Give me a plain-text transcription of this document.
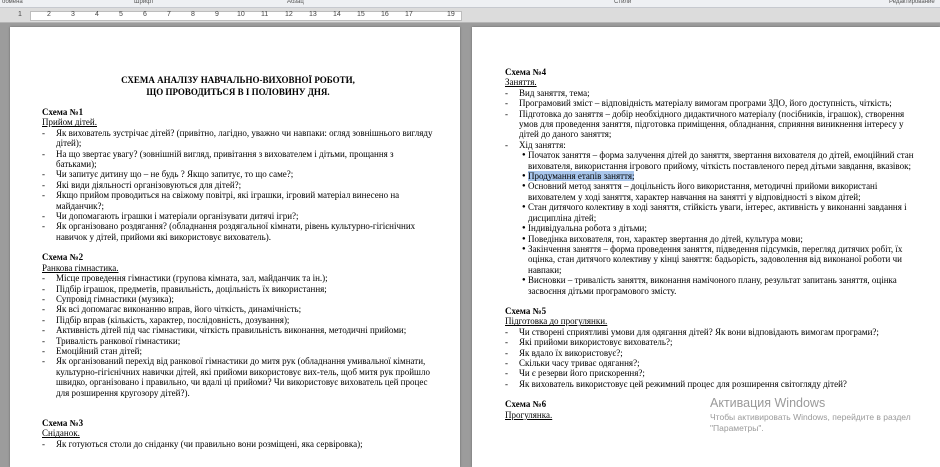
обмена	Шрифт	Абзац	Стили	Редактирование
1	2	3	4	5	6	7	8	9	10 11 12 13 14 15 16 17	19
СХЕМА АНАЛІЗУ НАВЧАЛЬНО-ВИХОВНОЇ РОБОТИ,
ЩО ПРОВОДИТЬСЯ В І ПОЛОВИНУ ДНЯ.
Схема №1
Прийом дітей.
- Як вихователь зустрічає дітей? (привітно, лагідно, уважно чи навпаки: огляд зовнішнього вигляду дітей);
- На що звертає увагу? (зовнішній вигляд, привітання з вихователем і дітьми, прощання з батьками);
- Чи запитує дитину що – не будь ? Якщо запитує, то що саме?;
- Які види діяльності організовуються для дітей?;
- Якщо прийом проводиться на свіжому повітрі, які іграшки, ігровий матеріал винесено на майданчик?;
- Чи допомагають іграшки і матеріали організувати дитячі ігри?;
- Як організовано роздягання? (обладнання роздягальної кімнати, рівень культурно-гігієнічних навичок у дітей, прийоми які використовує вихователь).
Схема №2
Ранкова гімнастика.
- Місце проведення гімнастики (групова кімната, зал, майданчик та ін.);
- Підбір іграшок, предметів, правильність, доцільність їх використання;
- Супровід гімнастики (музика);
- Як всі допомагає виконанню вправ, його чіткість, динамічність;
- Підбір вправ (кількість, характер, послідовність, дозування);
- Активність дітей під час гімнастики, чіткість правильність виконання, методичні прийоми;
- Тривалість ранкової гімнастики;
- Емоційний стан дітей;
- Як організований перехід від ранкової гімнастики до митя рук (обладнання умивальної кімнати, культурно-гігієнічних навички дітей, які прийоми використовує вих-тель, щоб митя рук пройшло швидко, організовано і правильно, чи вдалі ці прийоми? Чи використовує вихователь цей процес для розширення кругозору дітей?).
Схема №3
Сніданок.
- Як готуються столи до сніданку (чи правильно вони розміщені, яка сервіровка);
Схема №4
Заняття.
- Вид заняття, тема;
- Програмовий зміст – відповідність матеріалу вимогам програми ЗДО, його доступність, чіткість;
- Підготовка до заняття – добір необхідного дидактичного матеріалу (посібників, іграшок), створення умов для проведення заняття, підготовка приміщення, обладнання, сприяння виникнення інтересу у дітей до даного заняття;
- Хід заняття:
● Початок заняття – форма залучення дітей до заняття, звертання вихователя до дітей, емоційний стан вихователя, використання ігрового прийому, чіткість поставленого перед дітьми завдання, вказівок;
● Продумання етапів заняття;
● Основний метод заняття – доцільність його використання, методичні прийоми використані вихователем у ході заняття, характер навчання на занятті у відповідності з віком дітей;
● Стан дитячого колективу в ході заняття, стійкість уваги, інтерес, активність у виконанні завдання і дисципліна дітей;
● Індивідуальна робота з дітьми;
● Поведінка вихователя, тон, характер звертання до дітей, культура мови;
● Закінчення заняття – форма проведення заняття, підведення підсумків, перегляд дитячих робіт, їх оцінка, стан дитячого колективу у кінці заняття: бадьорість, задоволення від виконаної роботи чи навпаки;
● Висновки – тривалість заняття, виконання намічоного плану, результат запитань заняття, оцінка засвоєння дітьми програмового змісту.
Схема №5
Підготовка до прогулянки.
- Чи створені сприятливі умови для одягання дітей? Як вони відповідають вимогам програми?;
- Які прийоми використовує вихователь?;
- Як вдало їх використовує?;
- Скільки часу триває одягання?;
- Чи є резерви його прискорення?;
- Як вихователь використовує цей режимний процес для розширення світогляду дітей?
Схема №6
Прогулянка.
Активация Windows
Чтобы активировать Windows, перейдите в раздел "Параметры".
